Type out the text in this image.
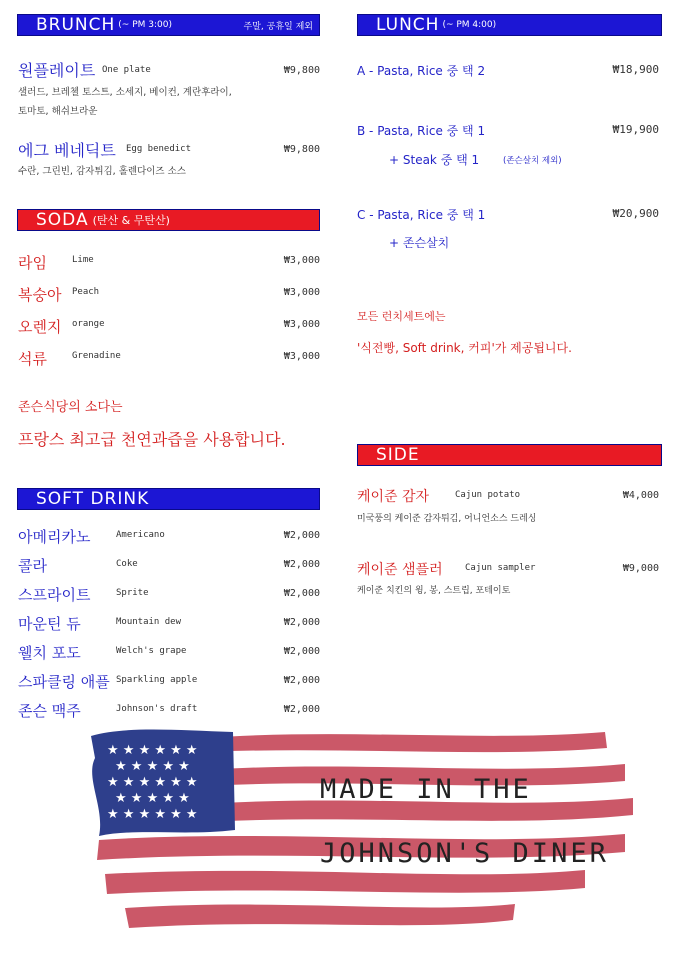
BRUNCH (~ PM 3:00)	주말, 공휴일 제외
원플레이트 One plate	₩9,800
샐러드, 브레첼 토스트, 소세지, 베이컨, 계란후라이,
토마토, 해쉬브라운
에그 베네딕트 Egg benedict	₩9,800
수란, 그린빈, 감자튀김, 홀렌다이즈 소스
SODA (탄산 & 무탄산)
라임	Lime	₩3,000
복숭아 Peach	₩3,000
오렌지 orange	₩3,000
석류	Grenadine	₩3,000
존슨식당의 소다는
프랑스 최고급 천연과즙을 사용합니다.
SOFT DRINK
아메리카노	Americano	₩2,000
콜라	Coke	₩2,000
스프라이트	Sprite	₩2,000
마운틴 듀	Mountain dew	₩2,000
웰치 포도	Welch's grape	₩2,000
스파클링 애플 Sparkling apple	₩2,000
존슨 맥주	Johnson's draft	₩2,000
LUNCH (~ PM 4:00)
A - Pasta, Rice 중 택 2	₩18,900
B - Pasta, Rice 중 택 1	₩19,900
+ Steak 중 택 1	(존슨살치 제외)
C - Pasta, Rice 중 택 1	₩20,900
+ 존슨살치
모든 런치세트에는
'식전빵, Soft drink, 커피'가 제공됩니다.
SIDE
케이준 감자	Cajun potato	₩4,000
미국풍의 케이준 감자튀김, 어니언소스 드레싱
케이준 샘플러 Cajun sampler	₩9,000
케이준 치킨의 윙, 봉, 스트립, 포테이토
★ ★ ★ ★ ★ ★
★ ★ ★ ★ ★
★ ★ ★ ★ ★ ★
★ ★ ★ ★ ★
★ ★ ★ ★ ★ ★
MADE IN THE
JOHNSON'S DINER
